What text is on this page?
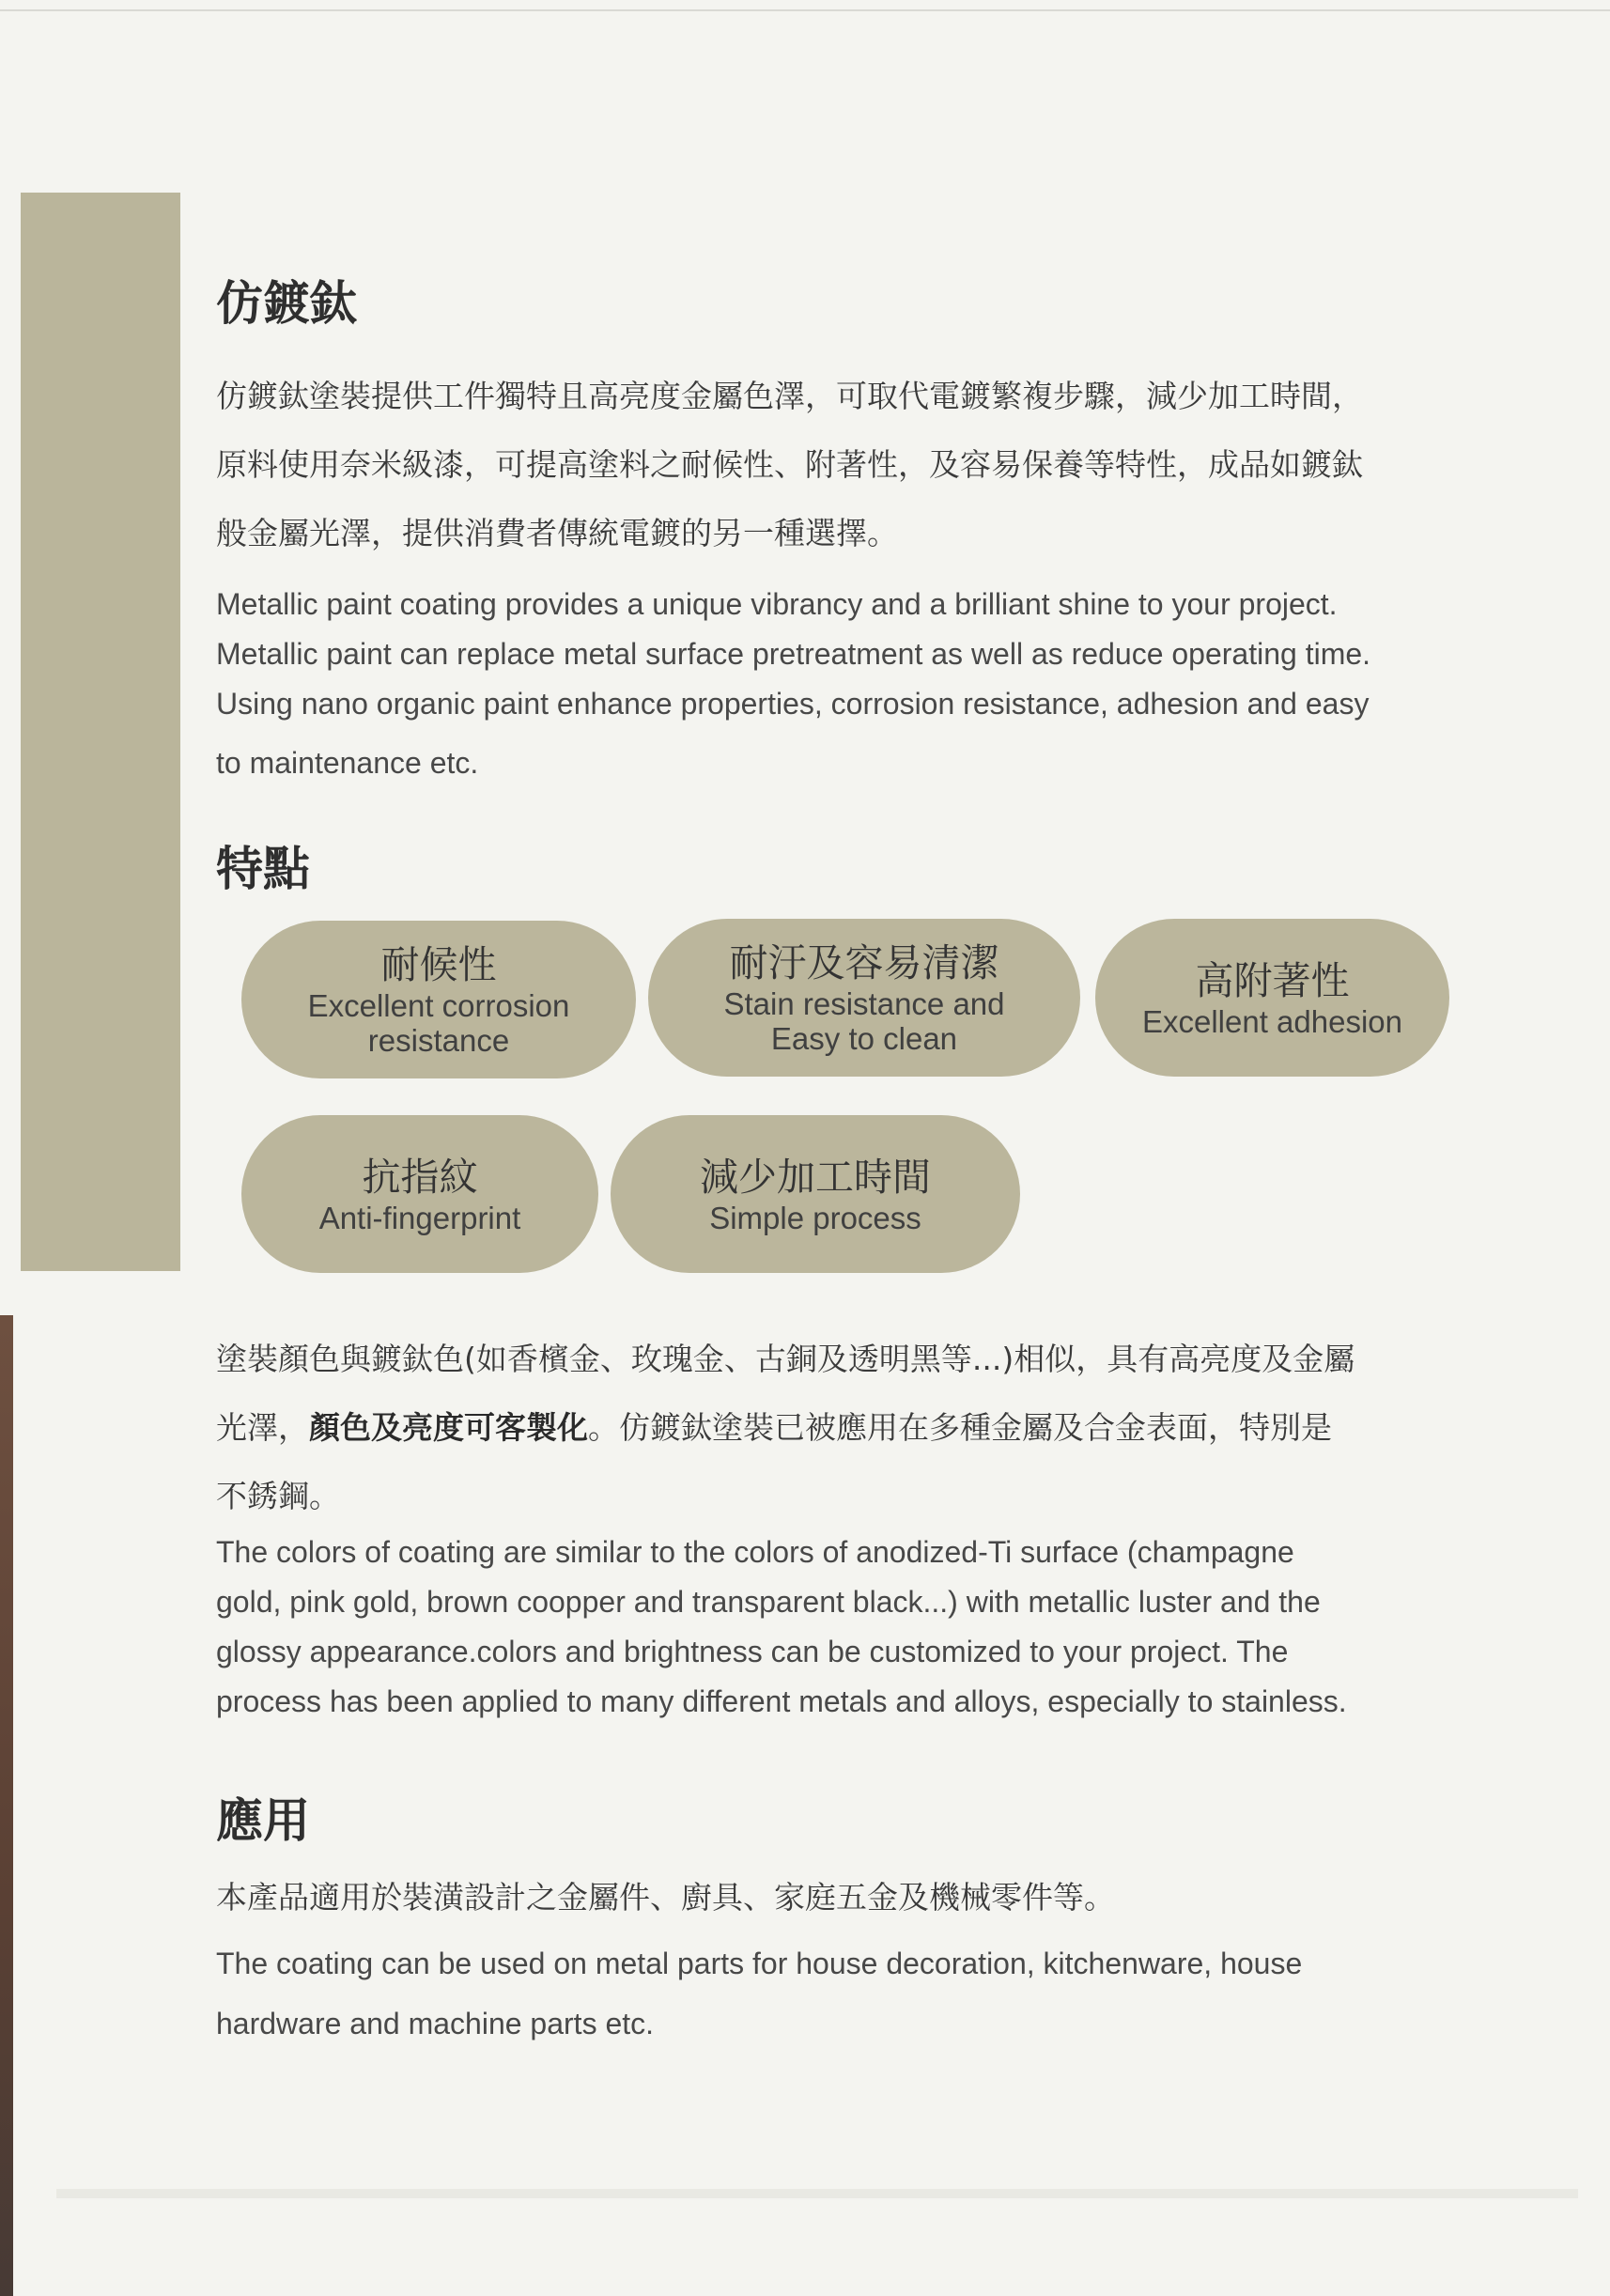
仿鍍鈦
仿鍍鈦塗裝提供工件獨特且高亮度金屬色澤，可取代電鍍繁複步驟，減少加工時間，
原料使用奈米級漆，可提高塗料之耐候性、附著性，及容易保養等特性，成品如鍍鈦
般金屬光澤，提供消費者傳統電鍍的另一種選擇。
Metallic paint coating provides a unique vibrancy and a brilliant shine to your project.
Metallic paint can replace metal surface pretreatment as well as reduce operating time.
Using nano organic paint enhance properties, corrosion resistance, adhesion and easy
to maintenance etc.
特點
耐候性
Excellent corrosion
resistance
耐汙及容易清潔
Stain resistance and
Easy to clean
高附著性
Excellent adhesion
抗指紋
Anti-fingerprint
減少加工時間
Simple process
塗裝顏色與鍍鈦色(如香檳金、玫瑰金、古銅及透明黑等...)相似，具有高亮度及金屬
光澤，顏色及亮度可客製化。仿鍍鈦塗裝已被應用在多種金屬及合金表面，特別是
不銹鋼。
The colors of coating are similar to the colors of anodized-Ti surface (champagne
gold, pink gold, brown coopper and transparent black...) with metallic luster and the
glossy appearance.colors and brightness can be customized to your project. The
process has been applied to many different metals and alloys, especially to stainless.
應用
本產品適用於裝潢設計之金屬件、廚具、家庭五金及機械零件等。
The coating can be used on metal parts for house decoration, kitchenware, house
hardware and machine parts etc.
